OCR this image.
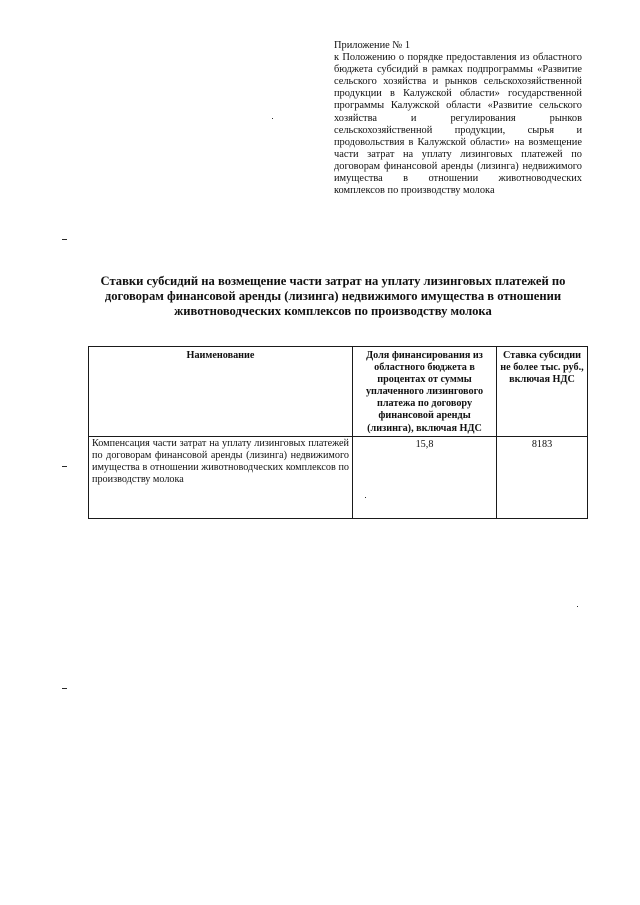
Приложение № 1
к Положению о порядке предоставления из областного бюджета субсидий в рамках подпрограммы «Развитие сельского хозяйства и рынков сельскохозяйственной продукции в Калужской области» государственной программы Калужской области «Развитие сельского хозяйства и регулирования рынков сельскохозяйственной продукции, сырья и продовольствия в Калужской области» на возмещение части затрат на уплату лизинговых платежей по договорам финансовой аренды (лизинга) недвижимого имущества в отношении животноводческих комплексов по производству молока
Ставки субсидий на возмещение части затрат на уплату лизинговых платежей по договорам финансовой аренды (лизинга) недвижимого имущества в отношении животноводческих комплексов по производству молока
Наименование	Доля финансирования из областного бюджета в процентах от суммы уплаченного лизингового платежа по договору финансовой аренды (лизинга), включая НДС	Ставка субсидии не более тыс. руб., включая НДС
Компенсация части затрат на уплату лизинговых платежей по договорам финансовой аренды (лизинга) недвижимого имущества в отношении животноводческих комплексов по производству молока	15,8	8183
